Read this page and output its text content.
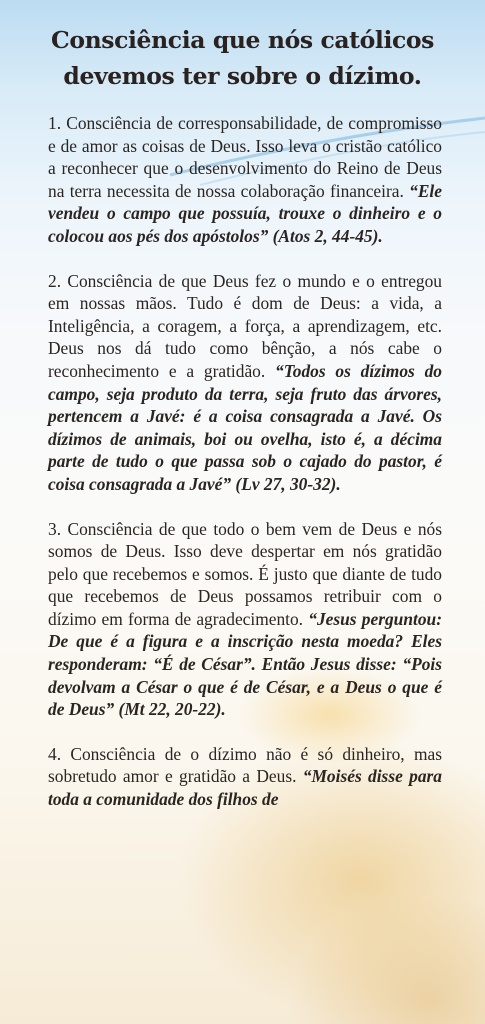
Consciência que nós católicos
devemos ter sobre o dízimo.

1. Consciência de corresponsabilidade, de compromisso e de amor as coisas de Deus. Isso leva o cristão católico a reconhecer que o desenvolvimento do Reino de Deus na terra necessita de nossa colaboração financeira. “Ele vendeu o campo que possuía, trouxe o dinheiro e o colocou aos pés dos apóstolos” (Atos 2, 44-45).

2. Consciência de que Deus fez o mundo e o entregou em nossas mãos. Tudo é dom de Deus: a vida, a Inteligência, a coragem, a força, a aprendizagem, etc. Deus nos dá tudo como bênção, a nós cabe o reconhecimento e a gratidão. “Todos os dízimos do campo, seja produto da terra, seja fruto das árvores, pertencem a Javé: é a coisa consagrada a Javé. Os dízimos de animais, boi ou ovelha, isto é, a décima parte de tudo o que passa sob o cajado do pastor, é coisa consagrada a Javé” (Lv 27, 30-32).

3. Consciência de que todo o bem vem de Deus e nós somos de Deus. Isso deve despertar em nós gratidão pelo que recebemos e somos. É justo que diante de tudo que recebemos de Deus possamos retribuir com o dízimo em forma de agradecimento. “Jesus perguntou: De que é a figura e a inscrição nesta moeda? Eles responderam: “É de César”. Então Jesus disse: “Pois devolvam a César o que é de César, e a Deus o que é de Deus” (Mt 22, 20-22).

4. Consciência de o dízimo não é só dinheiro, mas sobretudo amor e gratidão a Deus. “Moisés disse para toda a comunidade dos filhos de
